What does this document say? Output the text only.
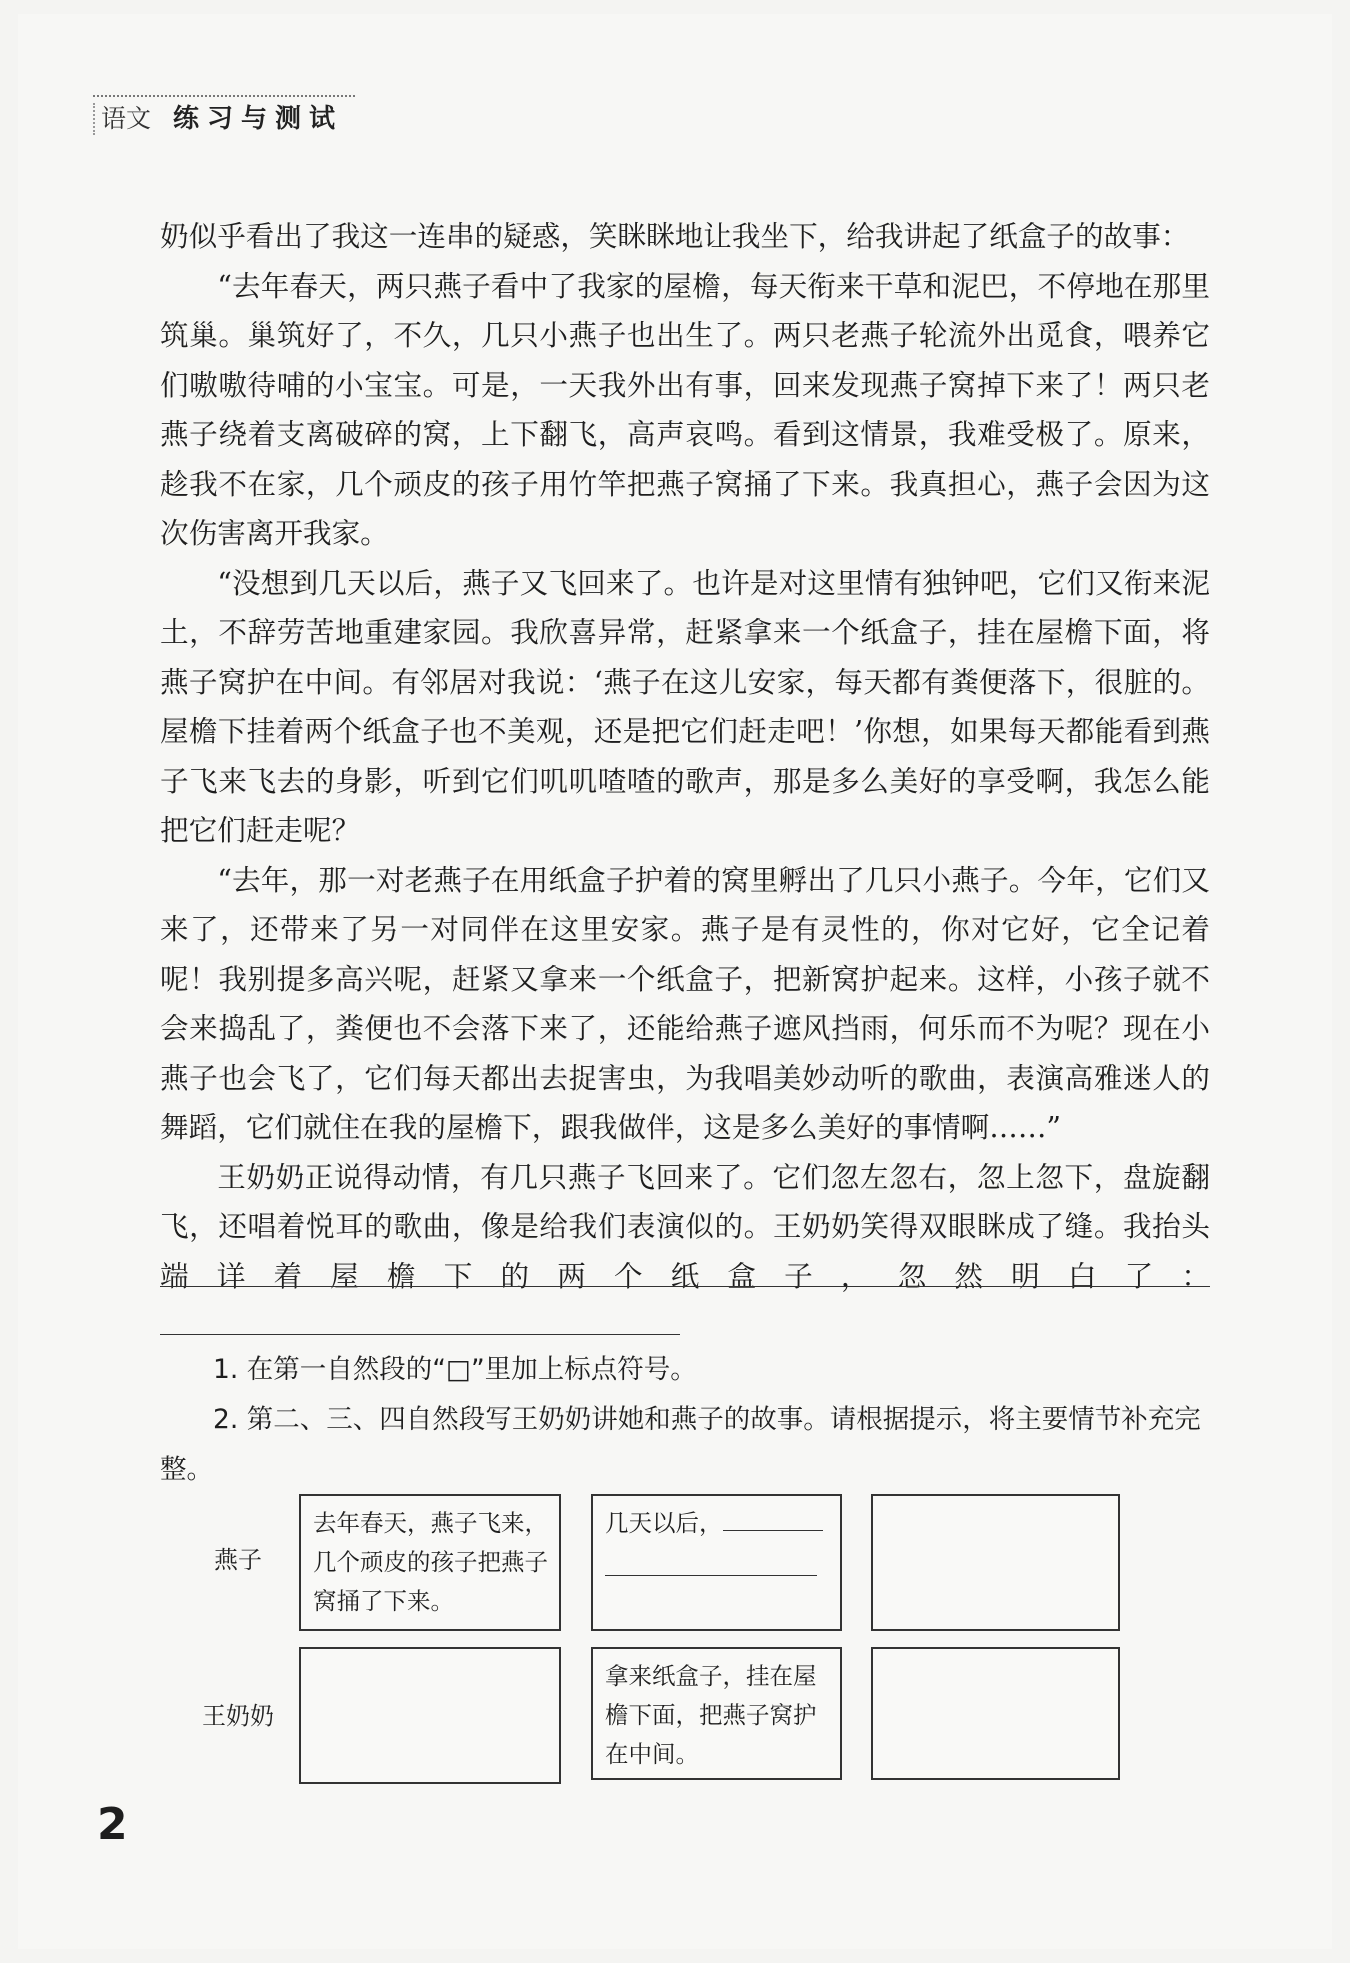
语文 练习与测试

奶似乎看出了我这一连串的疑惑，笑眯眯地让我坐下，给我讲起了纸盒子的故事：

“去年春天，两只燕子看中了我家的屋檐，每天衔来干草和泥巴，不停地在那里筑巢。巢筑好了，不久，几只小燕子也出生了。两只老燕子轮流外出觅食，喂养它们嗷嗷待哺的小宝宝。可是，一天我外出有事，回来发现燕子窝掉下来了！两只老燕子绕着支离破碎的窝，上下翻飞，高声哀鸣。看到这情景，我难受极了。原来，趁我不在家，几个顽皮的孩子用竹竿把燕子窝捅了下来。我真担心，燕子会因为这次伤害离开我家。

“没想到几天以后，燕子又飞回来了。也许是对这里情有独钟吧，它们又衔来泥土，不辞劳苦地重建家园。我欣喜异常，赶紧拿来一个纸盒子，挂在屋檐下面，将燕子窝护在中间。有邻居对我说：‘燕子在这儿安家，每天都有粪便落下，很脏的。屋檐下挂着两个纸盒子也不美观，还是把它们赶走吧！’你想，如果每天都能看到燕子飞来飞去的身影，听到它们叽叽喳喳的歌声，那是多么美好的享受啊，我怎么能把它们赶走呢？

“去年，那一对老燕子在用纸盒子护着的窝里孵出了几只小燕子。今年，它们又来了，还带来了另一对同伴在这里安家。燕子是有灵性的，你对它好，它全记着呢！我别提多高兴呢，赶紧又拿来一个纸盒子，把新窝护起来。这样，小孩子就不会来捣乱了，粪便也不会落下来了，还能给燕子遮风挡雨，何乐而不为呢？现在小燕子也会飞了，它们每天都出去捉害虫，为我唱美妙动听的歌曲，表演高雅迷人的舞蹈，它们就住在我的屋檐下，跟我做伴，这是多么美好的事情啊……”

王奶奶正说得动情，有几只燕子飞回来了。它们忽左忽右，忽上忽下，盘旋翻飞，还唱着悦耳的歌曲，像是给我们表演似的。王奶奶笑得双眼眯成了缝。我抬头端详着屋檐下的两个纸盒子，忽然明白了：

1. 在第一自然段的“□”里加上标点符号。

2. 第二、三、四自然段写王奶奶讲她和燕子的故事。请根据提示，将主要情节补充完整。

燕子
王奶奶
去年春天，燕子飞来，几个顽皮的孩子把燕子窝捅了下来。
几天以后，
拿来纸盒子，挂在屋檐下面，把燕子窝护在中间。
2
